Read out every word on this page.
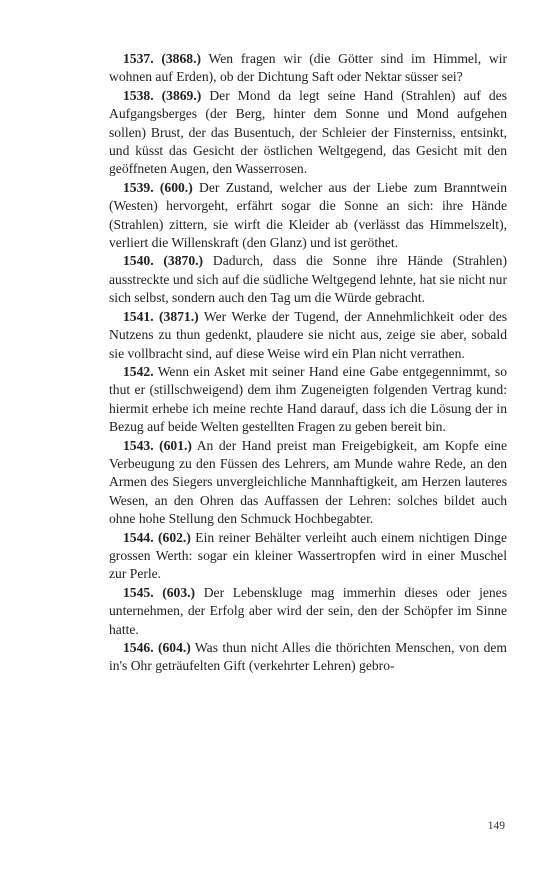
1537. (3868.) Wen fragen wir (die Götter sind im Himmel, wir wohnen auf Erden), ob der Dichtung Saft oder Nektar süsser sei?

1538. (3869.) Der Mond da legt seine Hand (Strahlen) auf des Aufgangsberges (der Berg, hinter dem Sonne und Mond aufgehen sollen) Brust, der das Busentuch, der Schleier der Finsterniss, entsinkt, und küsst das Gesicht der östlichen Weltgegend, das Gesicht mit den geöffneten Augen, den Wasserrosen.

1539. (600.) Der Zustand, welcher aus der Liebe zum Branntwein (Westen) hervorgeht, erfährt sogar die Sonne an sich: ihre Hände (Strahlen) zittern, sie wirft die Kleider ab (verlässt das Himmelszelt), verliert die Willenskraft (den Glanz) und ist geröthet.

1540. (3870.) Dadurch, dass die Sonne ihre Hände (Strahlen) ausstreckte und sich auf die südliche Weltgegend lehnte, hat sie nicht nur sich selbst, sondern auch den Tag um die Würde gebracht.

1541. (3871.) Wer Werke der Tugend, der Annehmlichkeit oder des Nutzens zu thun gedenkt, plaudere sie nicht aus, zeige sie aber, sobald sie vollbracht sind, auf diese Weise wird ein Plan nicht verrathen.

1542. Wenn ein Asket mit seiner Hand eine Gabe entgegennimmt, so thut er (stillschweigend) dem ihm Zugeneigten folgenden Vertrag kund: hiermit erhebe ich meine rechte Hand darauf, dass ich die Lösung der in Bezug auf beide Welten gestellten Fragen zu geben bereit bin.

1543. (601.) An der Hand preist man Freigebigkeit, am Kopfe eine Verbeugung zu den Füssen des Lehrers, am Munde wahre Rede, an den Armen des Siegers unvergleichliche Mannhaftigkeit, am Herzen lauteres Wesen, an den Ohren das Auffassen der Lehren: solches bildet auch ohne hohe Stellung den Schmuck Hochbegabter.

1544. (602.) Ein reiner Behälter verleiht auch einem nichtigen Dinge grossen Werth: sogar ein kleiner Wassertropfen wird in einer Muschel zur Perle.

1545. (603.) Der Lebenskluge mag immerhin dieses oder jenes unternehmen, der Erfolg aber wird der sein, den der Schöpfer im Sinne hatte.

1546. (604.) Was thun nicht Alles die thörichten Menschen, von dem in's Ohr geträufelten Gift (verkehrter Lehren) gebro-

149
